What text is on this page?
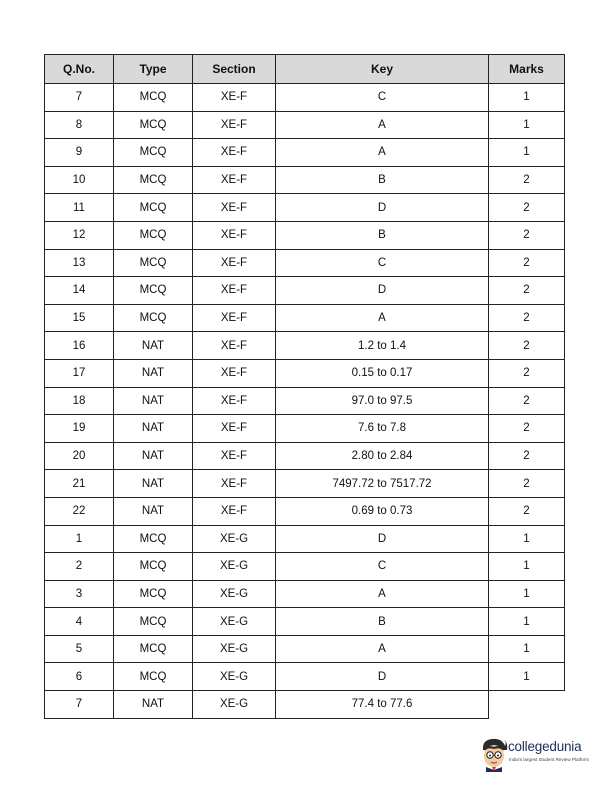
Q.No.	Type	Section	Key	Marks
7	MCQ	XE-F	C	1
8	MCQ	XE-F	A	1
9	MCQ	XE-F	A	1
10	MCQ	XE-F	B	2
11	MCQ	XE-F	D	2
12	MCQ	XE-F	B	2
13	MCQ	XE-F	C	2
14	MCQ	XE-F	D	2
15	MCQ	XE-F	A	2
16	NAT	XE-F	1.2 to 1.4	2
17	NAT	XE-F	0.15 to 0.17	2
18	NAT	XE-F	97.0 to 97.5	2
19	NAT	XE-F	7.6 to 7.8	2
20	NAT	XE-F	2.80 to 2.84	2
21	NAT	XE-F	7497.72 to 7517.72	2
22	NAT	XE-F	0.69 to 0.73	2
1	MCQ	XE-G	D	1
2	MCQ	XE-G	C	1
3	MCQ	XE-G	A	1
4	MCQ	XE-G	B	1
5	MCQ	XE-G	A	1
6	MCQ	XE-G	D	1
7	NAT	XE-G	77.4 to 77.6	
collegedunia
India's largest Student Review Platform
